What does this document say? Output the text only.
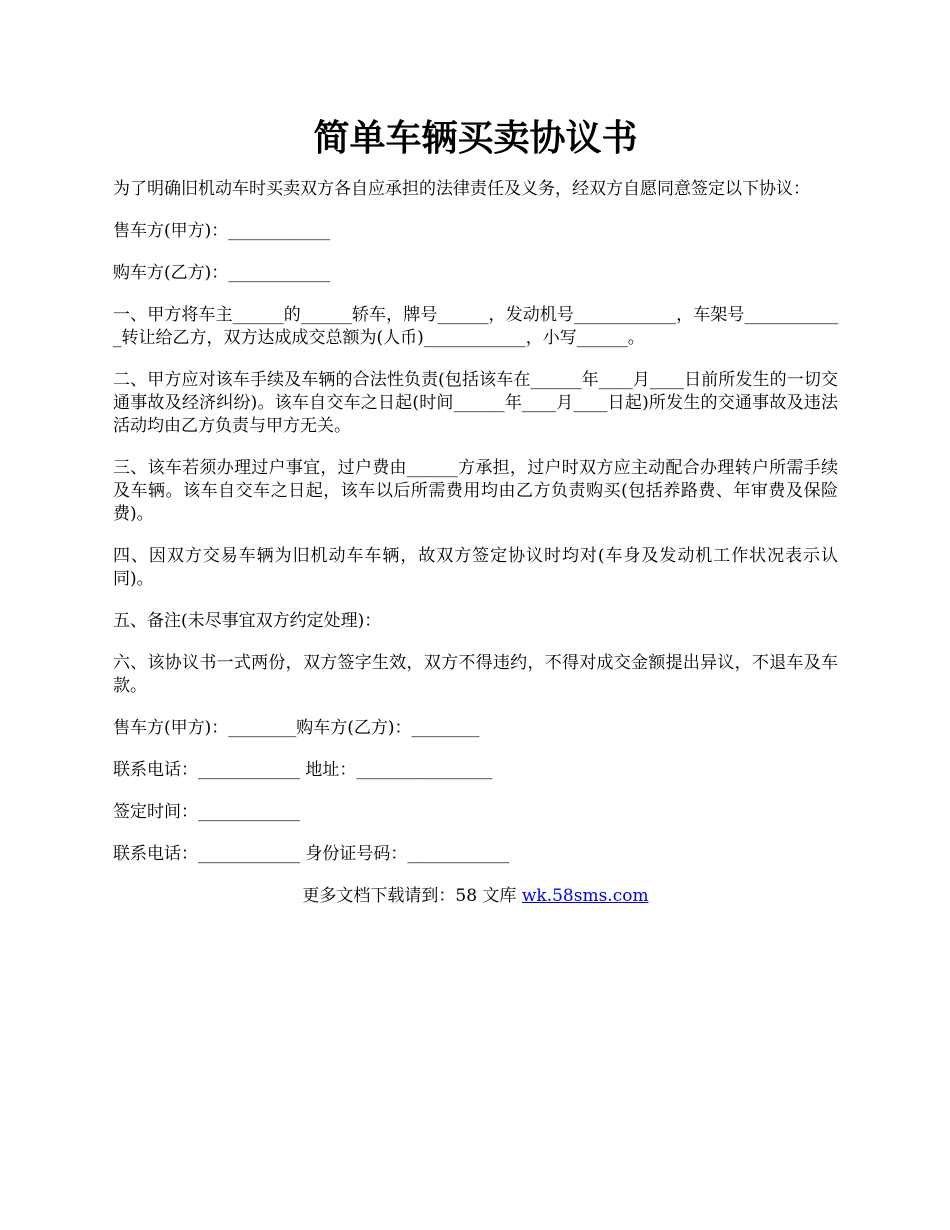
简单车辆买卖协议书

为了明确旧机动车时买卖双方各自应承担的法律责任及义务，经双方自愿同意签定以下协议：

售车方(甲方)：____________

购车方(乙方)：____________

一、甲方将车主______的______轿车，牌号______，发动机号____________，车架号____________转让给乙方，双方达成成交总额为(人币)____________，小写______。

二、甲方应对该车手续及车辆的合法性负责(包括该车在______年____月____日前所发生的一切交通事故及经济纠纷)。该车自交车之日起(时间______年____月____日起)所发生的交通事故及违法活动均由乙方负责与甲方无关。

三、该车若须办理过户事宜，过户费由______方承担，过户时双方应主动配合办理转户所需手续及车辆。该车自交车之日起，该车以后所需费用均由乙方负责购买(包括养路费、年审费及保险费)。

四、因双方交易车辆为旧机动车车辆，故双方签定协议时均对(车身及发动机工作状况表示认同)。

五、备注(未尽事宜双方约定处理)：

六、该协议书一式两份，双方签字生效，双方不得违约，不得对成交金额提出异议，不退车及车款。

售车方(甲方)：________购车方(乙方)：________

联系电话：____________ 地址：________________

签定时间：____________

联系电话：____________ 身份证号码：____________

更多文档下载请到：58 文库 wk.58sms.com
